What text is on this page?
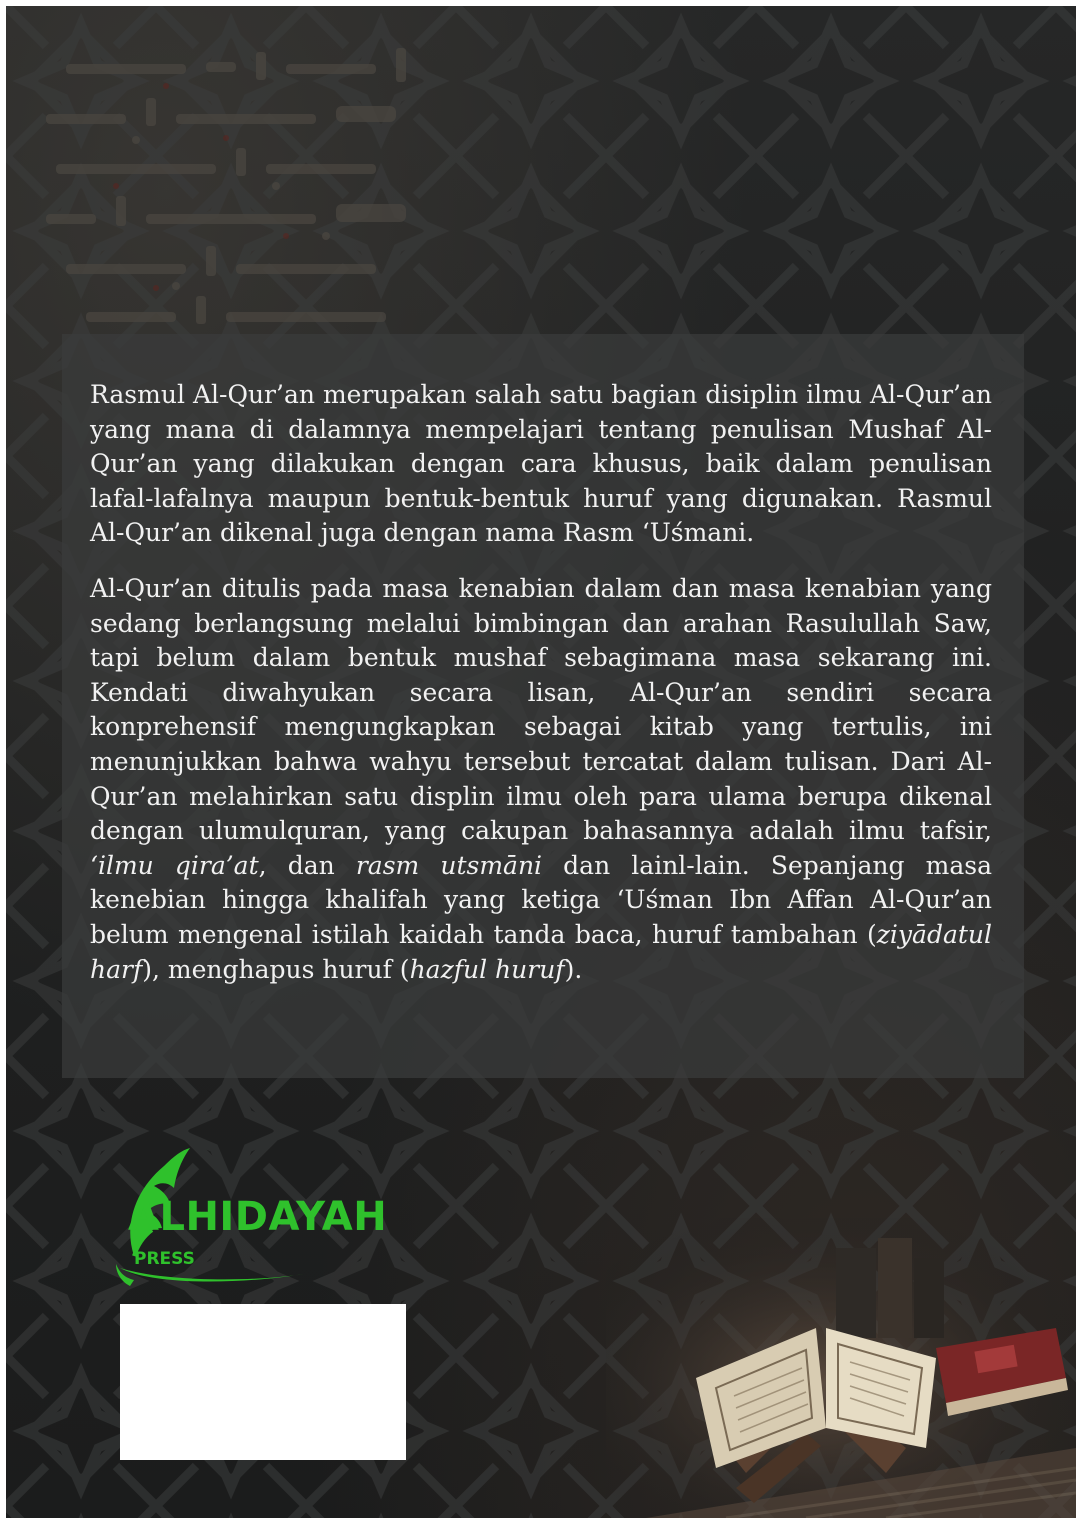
Rasmul Al-Qur’an merupakan salah satu bagian disiplin ilmu Al-Qur’an yang mana di dalamnya mempelajari tentang penulisan Mushaf Al-Qur’an yang dilakukan dengan cara khusus, baik dalam penulisan lafal-lafalnya maupun bentuk-bentuk huruf yang digunakan. Rasmul Al-Qur’an dikenal juga dengan nama Rasm ‘Uśmani.

Al-Qur’an ditulis pada masa kenabian dalam dan masa kenabian yang sedang berlangsung melalui bimbingan dan arahan Rasulullah Saw, tapi belum dalam bentuk mushaf sebagimana masa sekarang ini. Kendati diwahyukan secara lisan, Al-Qur’an sendiri secara konprehensif mengungkapkan sebagai kitab yang tertulis, ini menunjukkan bahwa wahyu tersebut tercatat dalam tulisan. Dari Al-Qur’an melahirkan satu displin ilmu oleh para ulama berupa dikenal dengan ulumulquran, yang cakupan bahasannya adalah ilmu tafsir, ‘ilmu qira’at, dan rasm utsmāni dan lainl-lain. Sepanjang masa kenebian hingga khalifah yang ketiga ‘Uśman Ibn Affan Al-Qur’an belum mengenal istilah kaidah tanda baca, huruf tambahan (ziyādatul harf), menghapus huruf (hazful huruf).

ALHIDAYAH
PRESS
